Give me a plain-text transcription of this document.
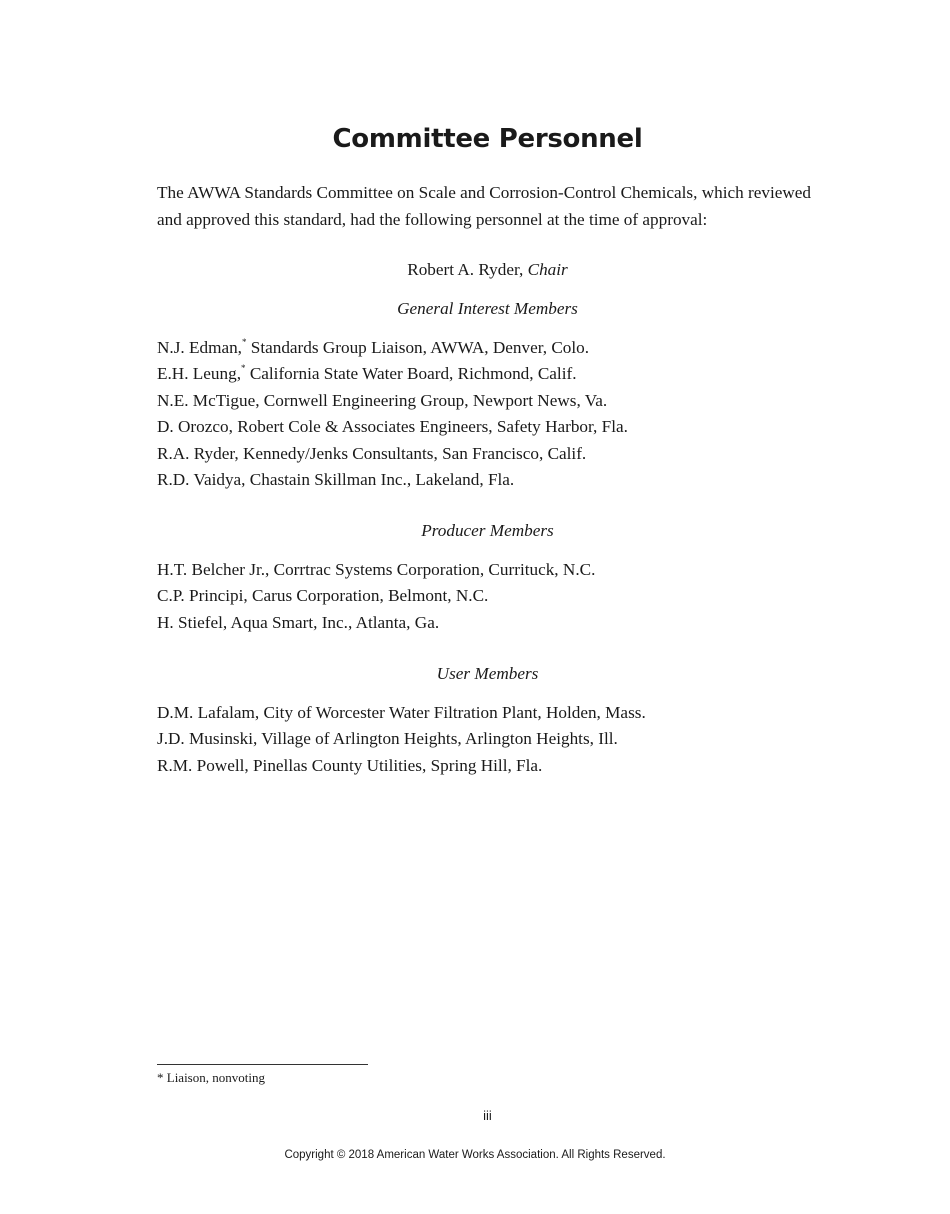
Committee Personnel

The AWWA Standards Committee on Scale and Corrosion-Control Chemicals, which reviewed and approved this standard, had the following personnel at the time of approval:

Robert A. Ryder, Chair

General Interest Members

N.J. Edman,* Standards Group Liaison, AWWA, Denver, Colo.
E.H. Leung,* California State Water Board, Richmond, Calif.
N.E. McTigue, Cornwell Engineering Group, Newport News, Va.
D. Orozco, Robert Cole & Associates Engineers, Safety Harbor, Fla.
R.A. Ryder, Kennedy/Jenks Consultants, San Francisco, Calif.
R.D. Vaidya, Chastain Skillman Inc., Lakeland, Fla.

Producer Members

H.T. Belcher Jr., Corrtrac Systems Corporation, Currituck, N.C.
C.P. Principi, Carus Corporation, Belmont, N.C.
H. Stiefel, Aqua Smart, Inc., Atlanta, Ga.

User Members

D.M. Lafalam, City of Worcester Water Filtration Plant, Holden, Mass.
J.D. Musinski, Village of Arlington Heights, Arlington Heights, Ill.
R.M. Powell, Pinellas County Utilities, Spring Hill, Fla.

* Liaison, nonvoting

iii

Copyright © 2018 American Water Works Association. All Rights Reserved.
